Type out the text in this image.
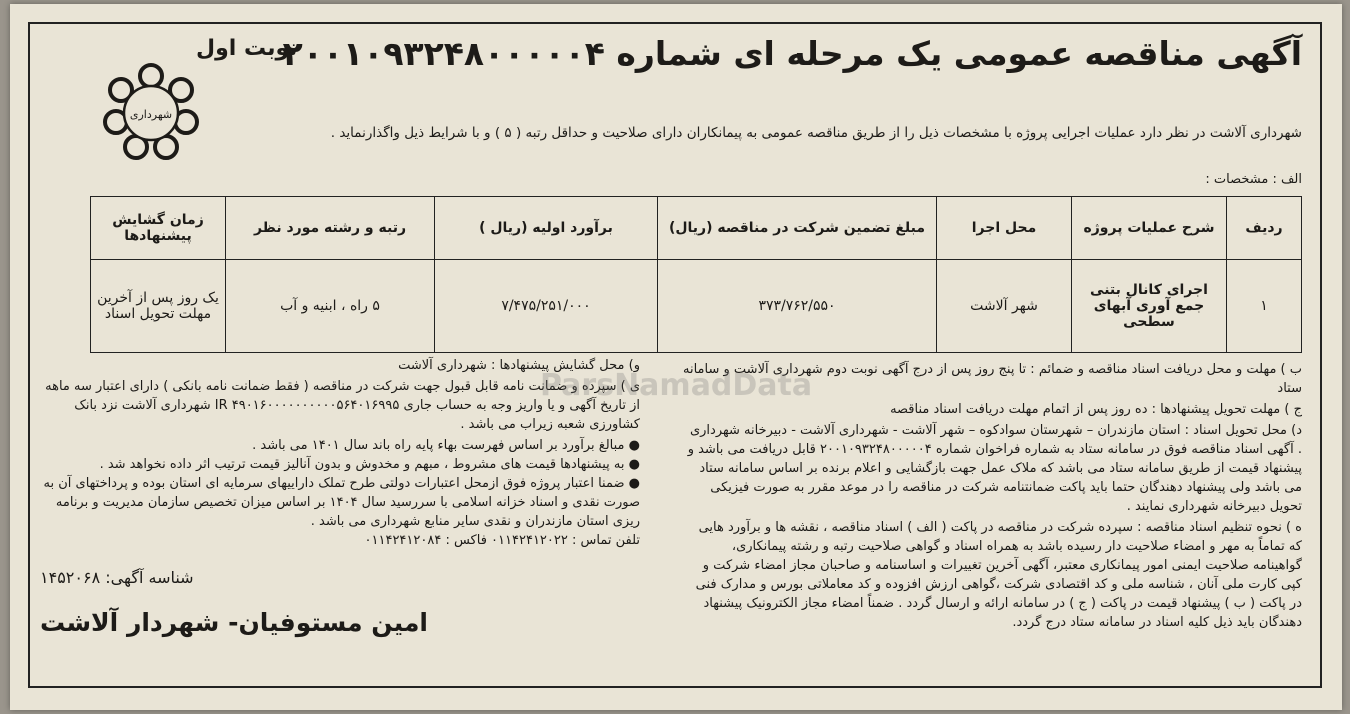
آگهی مناقصه عمومی یک مرحله ای شماره ۲۰۰۱۰۹۳۲۴۸۰۰۰۰۰۴
نوبت اول
شهرداری
شهرداری آلاشت در نظر دارد عملیات اجرایی پروژه با مشخصات ذیل را از طریق مناقصه عمومی به پیمانکاران دارای صلاحیت و حداقل رتبه ( ۵ ) و با شرایط ذیل واگذارنماید .
الف : مشخصات :
ردیف	شرح عملیات پروژه	محل اجرا	مبلغ تضمین شرکت در مناقصه (ریال)	برآورد اولیه (ریال )	رتبه و رشته مورد نظر	زمان گشایش پیشنهادها
۱	اجرای کانال بتنی جمع آوری آبهای سطحی	شهر آلاشت	۳۷۳/۷۶۲/۵۵۰	۷/۴۷۵/۲۵۱/۰۰۰	۵ راه ، ابنیه و آب	یک روز پس از آخرین مهلت تحویل اسناد

ب ) مهلت و محل دریافت اسناد مناقصه و ضمائم : تا پنج روز پس از درج آگهی نوبت دوم شهرداری آلاشت و سامانه ستاد

ج ) مهلت تحویل پیشنهادها : ده روز پس از اتمام مهلت دریافت اسناد مناقصه

د) محل تحویل اسناد : استان مازندران – شهرستان سوادکوه – شهر آلاشت - شهرداری آلاشت - دبیرخانه شهرداری . آگهی اسناد مناقصه فوق در سامانه ستاد به شماره فراخوان شماره ۲۰۰۱۰۹۳۲۴۸۰۰۰۰۰۴ قابل دریافت می باشد و پیشنهاد قیمت از طریق سامانه ستاد می باشد که ملاک عمل جهت بازگشایی و اعلام برنده بر اساس سامانه ستاد می باشد ولی پیشنهاد دهندگان حتما باید پاکت ضمانتنامه شرکت در مناقصه را در موعد مقرر به صورت فیزیکی تحویل دبیرخانه شهرداری نمایند .

ه ) نحوه تنظیم اسناد مناقصه : سپرده شرکت در مناقصه در پاکت ( الف ) اسناد مناقصه ، نقشه ها و برآورد هایی که تماماً به مهر و امضاء صلاحیت دار رسیده باشد به همراه اسناد و گواهی صلاحیت رتبه و رشته پیمانکاری، گواهینامه صلاحیت ایمنی امور پیمانکاری معتبر، آگهی آخرین تغییرات و اساسنامه و صاحبان مجاز امضاء شرکت و کپی کارت ملی آنان ، شناسه ملی و کد اقتصادی شرکت ،گواهی ارزش افزوده و کد معاملاتی بورس و مدارک فنی در پاکت ( ب ) پیشنهاد قیمت در پاکت ( ج ) در سامانه ارائه و ارسال گردد . ضمناً امضاء مجاز الکترونیک پیشنهاد دهندگان باید ذیل کلیه اسناد در سامانه ستاد درج گردد.

و) محل گشایش پیشنهادها : شهرداری آلاشت

ی ) سپرده و ضمانت نامه قابل قبول جهت شرکت در مناقصه ( فقط ضمانت نامه بانکی ) دارای اعتبار سه ماهه از تاریخ آگهی و یا واریز وجه به حساب جاری IR ۴۹۰۱۶۰۰۰۰۰۰۰۰۰۰۵۶۴۰۱۶۹۹۵ شهرداری آلاشت نزد بانک کشاورزی شعبه زیراب می باشد .

● مبالغ برآورد بر اساس فهرست بهاء پایه راه باند سال ۱۴۰۱ می باشد .

● به پیشنهادها قیمت های مشروط ، مبهم و مخدوش و بدون آنالیز قیمت ترتیب اثر داده نخواهد شد .

● ضمنا اعتبار پروژه فوق ازمحل اعتبارات دولتی طرح تملک داراییهای سرمایه ای استان بوده و پرداختهای آن به صورت نقدی و اسناد خزانه اسلامی با سررسید سال ۱۴۰۴ بر اساس میزان تخصیص سازمان مدیریت و برنامه ریزی استان مازندران و نقدی سایر منابع شهرداری می باشد .

تلفن تماس : ۰۱۱۴۲۴۱۲۰۲۲ فاکس : ۰۱۱۴۲۴۱۲۰۸۴

شناسه آگهی: ۱۴۵۲۰۶۸
امین مستوفیان- شهردار آلاشت
ParsNamadData
